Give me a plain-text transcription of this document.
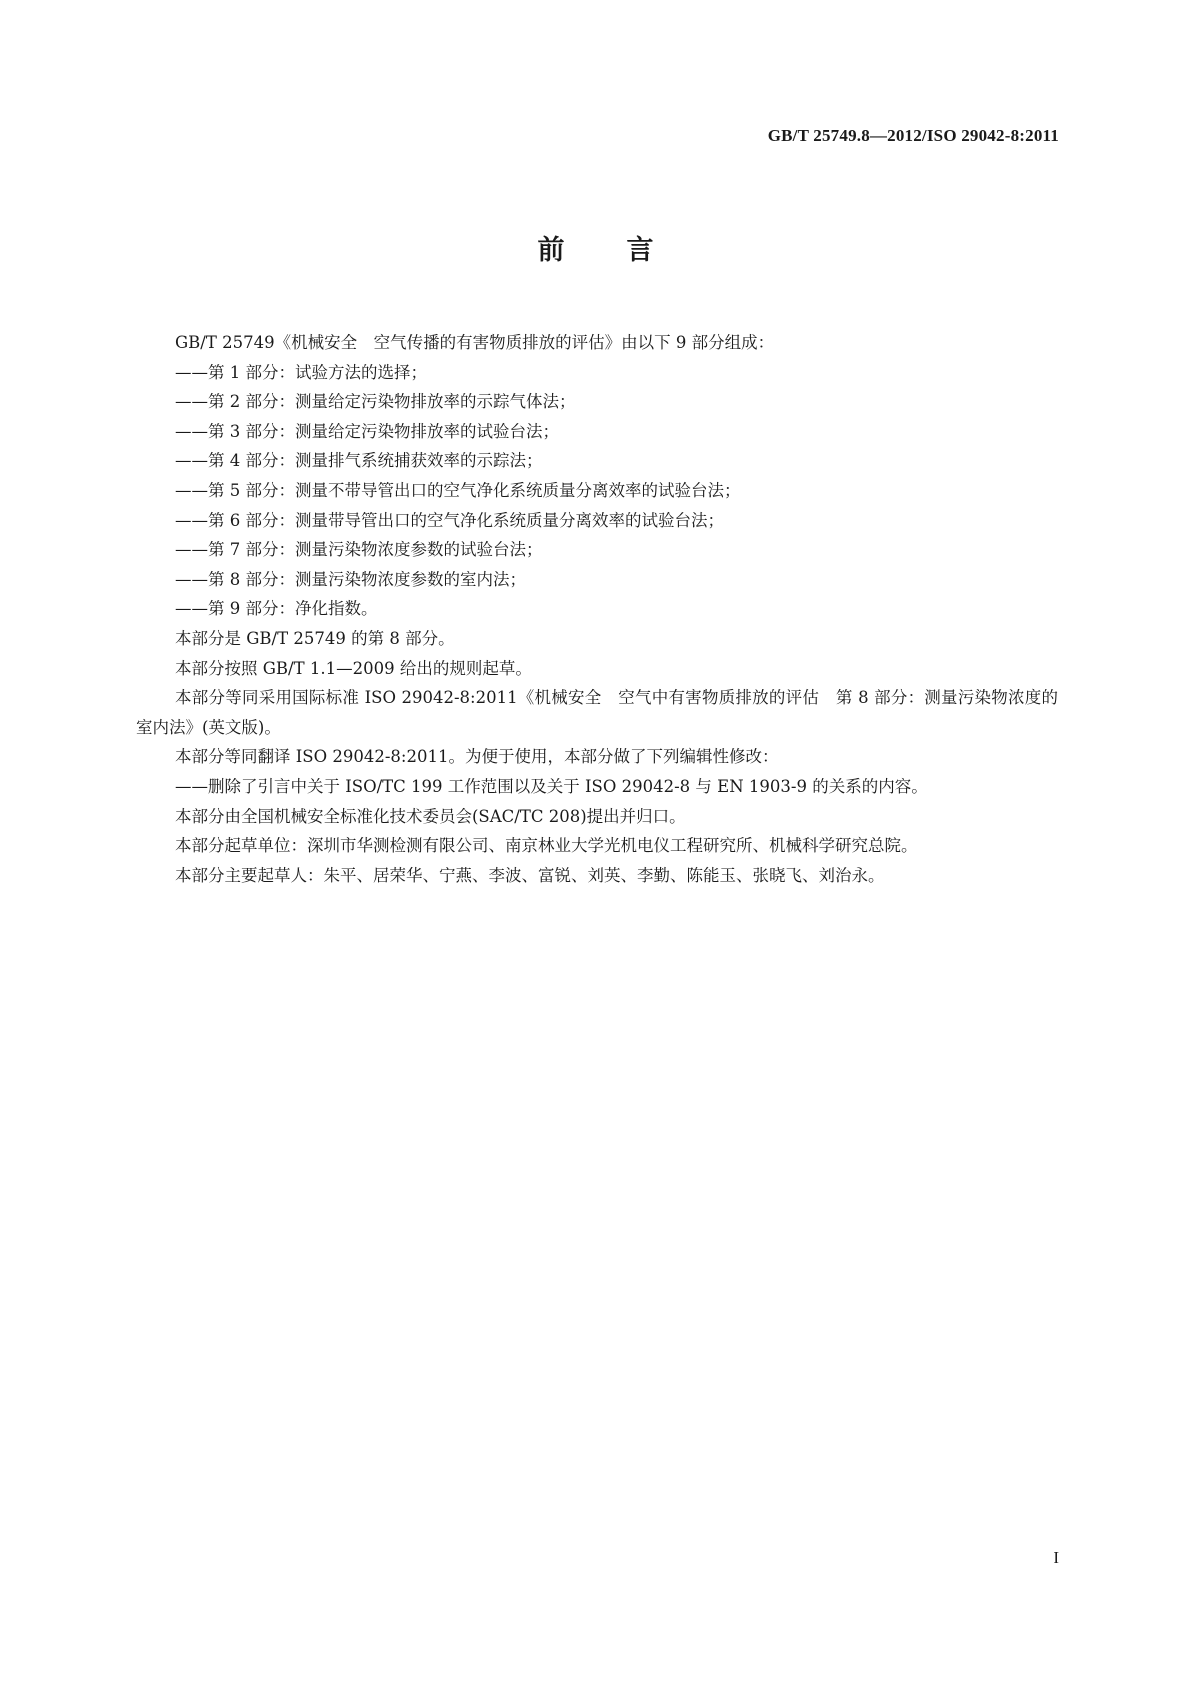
GB/T 25749.8—2012/ISO 29042-8:2011
前言

GB/T 25749《机械安全　空气传播的有害物质排放的评估》由以下 9 部分组成：

——第 1 部分：试验方法的选择；

——第 2 部分：测量给定污染物排放率的示踪气体法；

——第 3 部分：测量给定污染物排放率的试验台法；

——第 4 部分：测量排气系统捕获效率的示踪法；

——第 5 部分：测量不带导管出口的空气净化系统质量分离效率的试验台法；

——第 6 部分：测量带导管出口的空气净化系统质量分离效率的试验台法；

——第 7 部分：测量污染物浓度参数的试验台法；

——第 8 部分：测量污染物浓度参数的室内法；

——第 9 部分：净化指数。

本部分是 GB/T 25749 的第 8 部分。

本部分按照 GB/T 1.1—2009 给出的规则起草。

本部分等同采用国际标准 ISO 29042-8:2011《机械安全　空气中有害物质排放的评估　第 8 部分：测量污染物浓度的室内法》(英文版)。

本部分等同翻译 ISO 29042-8:2011。为便于使用，本部分做了下列编辑性修改：

——删除了引言中关于 ISO/TC 199 工作范围以及关于 ISO 29042-8 与 EN 1903-9 的关系的内容。

本部分由全国机械安全标准化技术委员会(SAC/TC 208)提出并归口。

本部分起草单位：深圳市华测检测有限公司、南京林业大学光机电仪工程研究所、机械科学研究总院。

本部分主要起草人：朱平、居荣华、宁燕、李波、富锐、刘英、李勤、陈能玉、张晓飞、刘治永。

I
